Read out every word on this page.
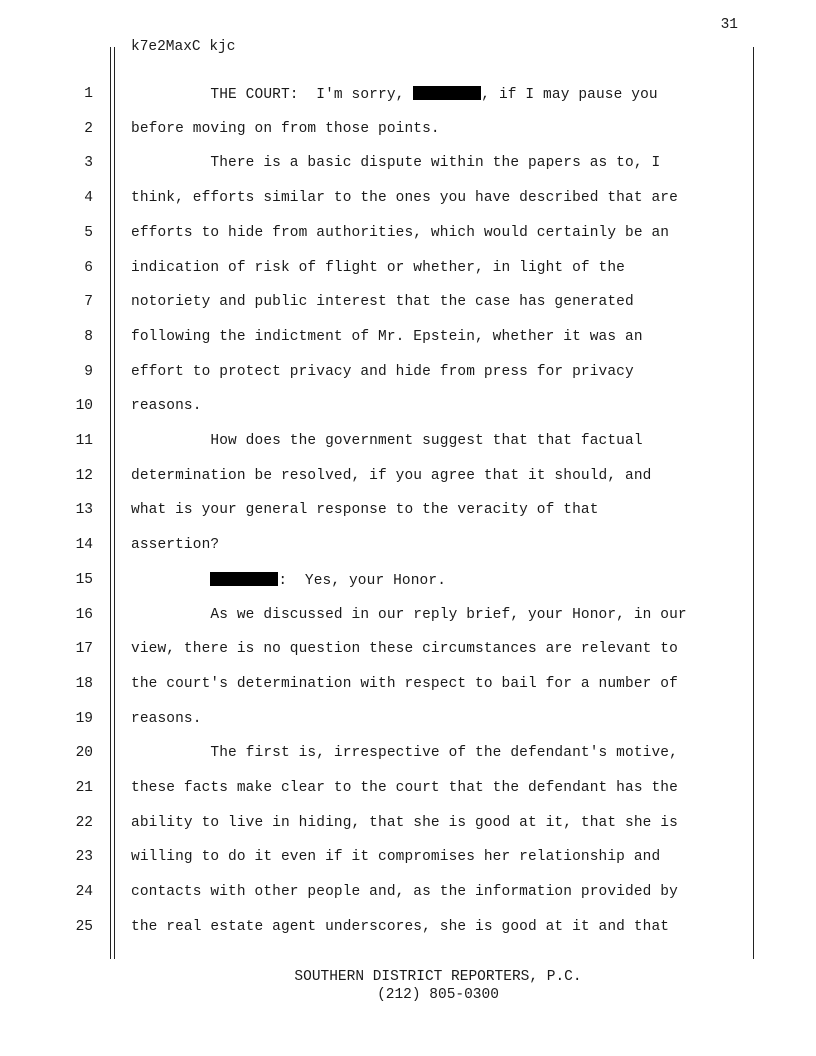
31
k7e2MaxC kjc
1	THE COURT:  I'm sorry,	, if I may pause you
2	before moving on from those points.
3	There is a basic dispute within the papers as to, I
4	think, efforts similar to the ones you have described that are
5	efforts to hide from authorities, which would certainly be an
6	indication of risk of flight or whether, in light of the
7	notoriety and public interest that the case has generated
8	following the indictment of Mr. Epstein, whether it was an
9	effort to protect privacy and hide from press for privacy
10	reasons.
11	How does the government suggest that that factual
12	determination be resolved, if you agree that it should, and
13	what is your general response to the veracity of that
14	assertion?
15	:  Yes, your Honor.
16	As we discussed in our reply brief, your Honor, in our
17	view, there is no question these circumstances are relevant to
18	the court's determination with respect to bail for a number of
19	reasons.
20	The first is, irrespective of the defendant's motive,
21	these facts make clear to the court that the defendant has the
22	ability to live in hiding, that she is good at it, that she is
23	willing to do it even if it compromises her relationship and
24	contacts with other people and, as the information provided by
25	the real estate agent underscores, she is good at it and that
SOUTHERN DISTRICT REPORTERS, P.C.
(212) 805-0300
